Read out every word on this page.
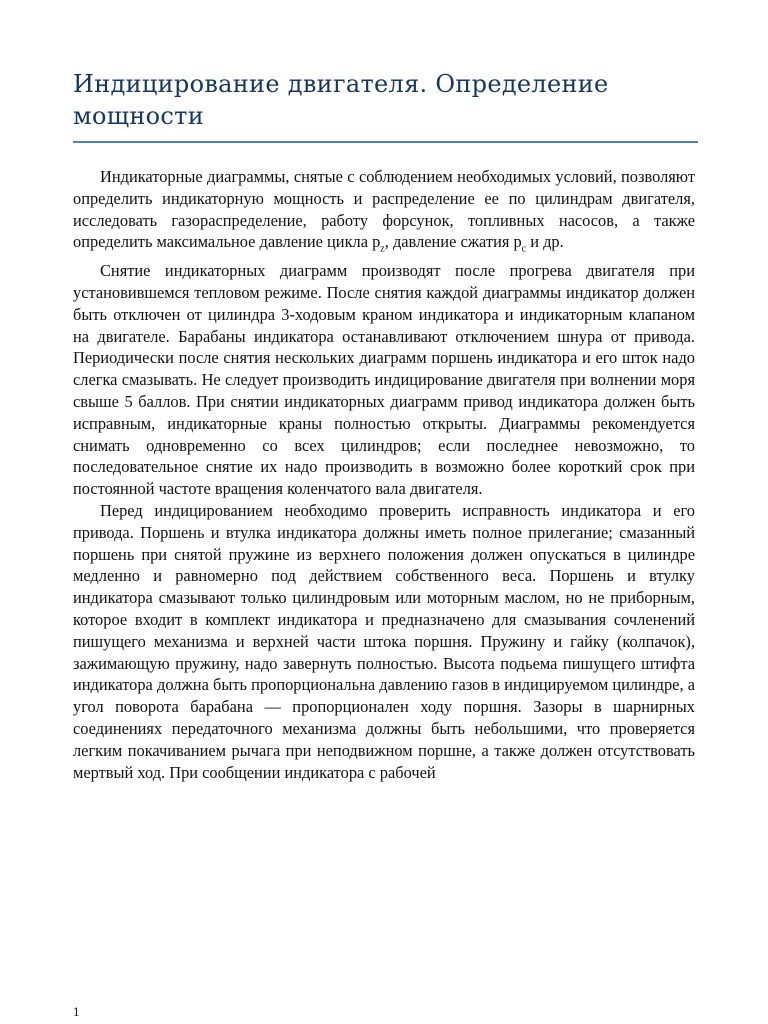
Индицирование двигателя. Определение мощности

Индикаторные диаграммы, снятые с соблюдением необходимых условий, позволяют определить индикаторную мощность и распределение ее по цилиндрам двигателя, исследовать газораспределение, работу форсунок, топливных насосов, а также определить максимальное давление цикла $p_z$, давление сжатия $p_c$ и др.

Снятие индикаторных диаграмм производят после прогрева двигателя при установившемся тепловом режиме. После снятия каждой диаграммы индикатор должен быть отключен от цилиндра 3-ходовым краном индикатора и индикаторным клапаном на двигателе. Барабаны индикатора останавливают отключением шнура от привода. Периодически после снятия нескольких диаграмм поршень индикатора и его шток надо слегка смазывать. Не следует производить индицирование двигателя при волнении моря свыше 5 баллов. При снятии индикаторных диаграмм привод индикатора должен быть исправным, индикаторные краны полностью открыты. Диаграммы рекомендуется снимать одновременно со всех цилиндров; если последнее невозможно, то последовательное снятие их надо производить в возможно более короткий срок при постоянной частоте вращения коленчатого вала двигателя.

Перед индицированием необходимо проверить исправность индикатора и его привода. Поршень и втулка индикатора должны иметь полное прилегание; смазанный поршень при снятой пружине из верхнего положения должен опускаться в цилиндре медленно и равномерно под действием собственного веса. Поршень и втулку индикатора смазывают только цилиндровым или моторным маслом, но не приборным, которое входит в комплект индикатора и предназначено для смазывания сочленений пишущего механизма и верхней части штока поршня. Пружину и гайку (колпачок), зажимающую пружину, надо завернуть полностью. Высота подьема пишущего штифта индикатора должна быть пропорциональна давлению газов в индицируемом цилиндре, а угол поворота барабана — пропорционален ходу поршня. Зазоры в шарнирных соединениях передаточного механизма должны быть небольшими, что проверяется легким покачиванием рычага при неподвижном поршне, а также должен отсутствовать мертвый ход. При сообщении индикатора с рабочей

1
